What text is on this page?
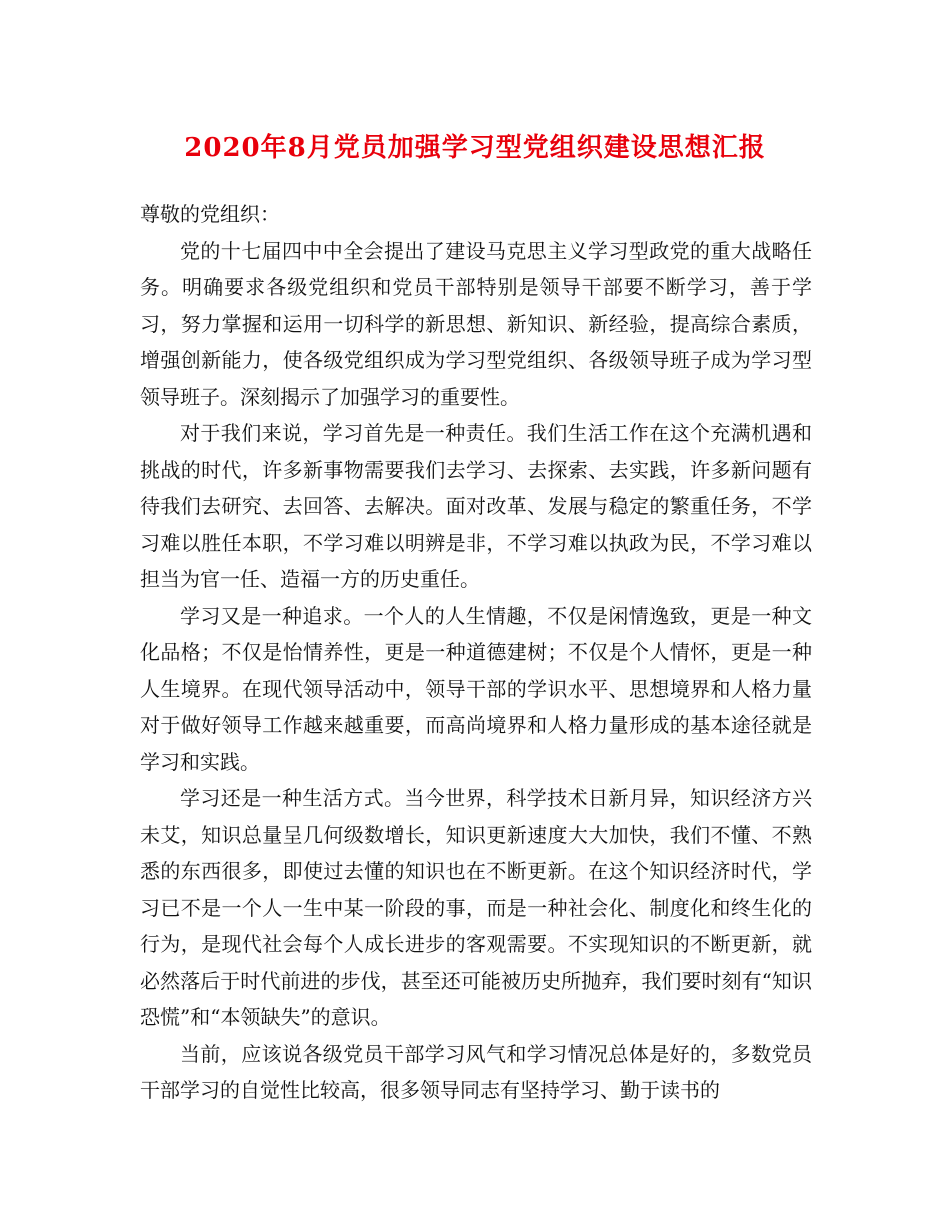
2020年8月党员加强学习型党组织建设思想汇报

尊敬的党组织：

党的十七届四中中全会提出了建设马克思主义学习型政党的重大战略任务。明确要求各级党组织和党员干部特别是领导干部要不断学习，善于学习，努力掌握和运用一切科学的新思想、新知识、新经验，提高综合素质，增强创新能力，使各级党组织成为学习型党组织、各级领导班子成为学习型领导班子。深刻揭示了加强学习的重要性。

对于我们来说，学习首先是一种责任。我们生活工作在这个充满机遇和挑战的时代，许多新事物需要我们去学习、去探索、去实践，许多新问题有待我们去研究、去回答、去解决。面对改革、发展与稳定的繁重任务，不学习难以胜任本职，不学习难以明辨是非，不学习难以执政为民，不学习难以担当为官一任、造福一方的历史重任。

学习又是一种追求。一个人的人生情趣，不仅是闲情逸致，更是一种文化品格；不仅是怡情养性，更是一种道德建树；不仅是个人情怀，更是一种人生境界。在现代领导活动中，领导干部的学识水平、思想境界和人格力量对于做好领导工作越来越重要，而高尚境界和人格力量形成的基本途径就是学习和实践。

学习还是一种生活方式。当今世界，科学技术日新月异，知识经济方兴未艾，知识总量呈几何级数增长，知识更新速度大大加快，我们不懂、不熟悉的东西很多，即使过去懂的知识也在不断更新。在这个知识经济时代，学习已不是一个人一生中某一阶段的事，而是一种社会化、制度化和终生化的行为，是现代社会每个人成长进步的客观需要。不实现知识的不断更新，就必然落后于时代前进的步伐，甚至还可能被历史所抛弃，我们要时刻有“知识恐慌”和“本领缺失”的意识。

当前，应该说各级党员干部学习风气和学习情况总体是好的，多数党员干部学习的自觉性比较高，很多领导同志有坚持学习、勤于读书的
